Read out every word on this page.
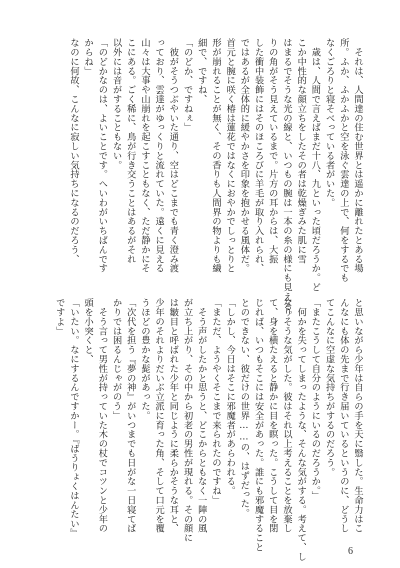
　それは、人間達の住む世界とは遥かに離れたとある場

所。ふか、ふかふかと空を泳ぐ雲達の上で、何をするでも

なくごろりと寝そべっている者がいた。

　歳は、人間で言えばまだ十八、九といった頃だろうか。ど

こか中性的な顔立ちをしたその者は乾燥ぎみた肌に雪

はまるでそうな光の線と、いつもの腕は一本の糸の様にも見える。

りの角がそう見えているまで。片方の耳からは、大振

した衝中装飾にはそのほころびに羊毛が取り入れられ、

ではあるが全体的に緩やかさを印象を抱かせる風体だ。

首元と腕に咲く椿は蓮花ではなくにおやかでしっとりと

形が崩れることが無く、その香りも人間界の物よりも繊

細で、ですね、

「のどか、ですねぇ」

　彼がそうつぶやいた通り、空はどこまでも青く澄み渡

っており、雲達がゆっくりと流れていた。遠くに見える

山々は大事や山崩れを起こすこともなく、ただ静かにそ

こにある。ごく稀に、鳥が行き交うことはあるがそれ

以外には音がすることもない。

「のどかなのは、よいことです。へいわがいちばんです

からね」

なのに何故、こんなに寂しい気持ちになるのだろう、

と思いながら少年は自らの手を天に翳した。生命力はこ

んなにも体の先まで行き届いているというのに、どうし

てこんなに空虚な気持ちがするのだろう。

「またこうして自分のようにいるのだろうか。」

　何かを失ってしまったような、そんな気がする。考えて、し

なりそうな気がした。彼はそれ以上考えることを放棄し

て、身を横たえると静かに目を瞑った。こうして目を閉

じれば、いつもそこには安全があった。誰にも邪魔すること

とのできない、彼だけの世界……の、はずだった。

「しかし、今日はそこに邪魔者があらわれる。

「まただ、ようやくそこまで来られたのですね」

　そう声がしたかと思うと、どこからともなく一陣の風

が立ち上がり、その中から初老の男性が現れる。その顔に

は皺目と呼ばれた少年と同じように柔らかそうな耳と、

少年のそれよりだいぶ立派に育った角、そして口元を覆

うほどの豊かな髭があった。

「次代を担う『夢の神』がいつまでも日がな一日寝てば

かりでは困るんじゃがのう」

　そう言って男性が持っていた木の杖でコツンと少年の

頭を小突くと、

「いたい。なにするんですかー。『ばうりょくはんたい』

ですよ」

6
